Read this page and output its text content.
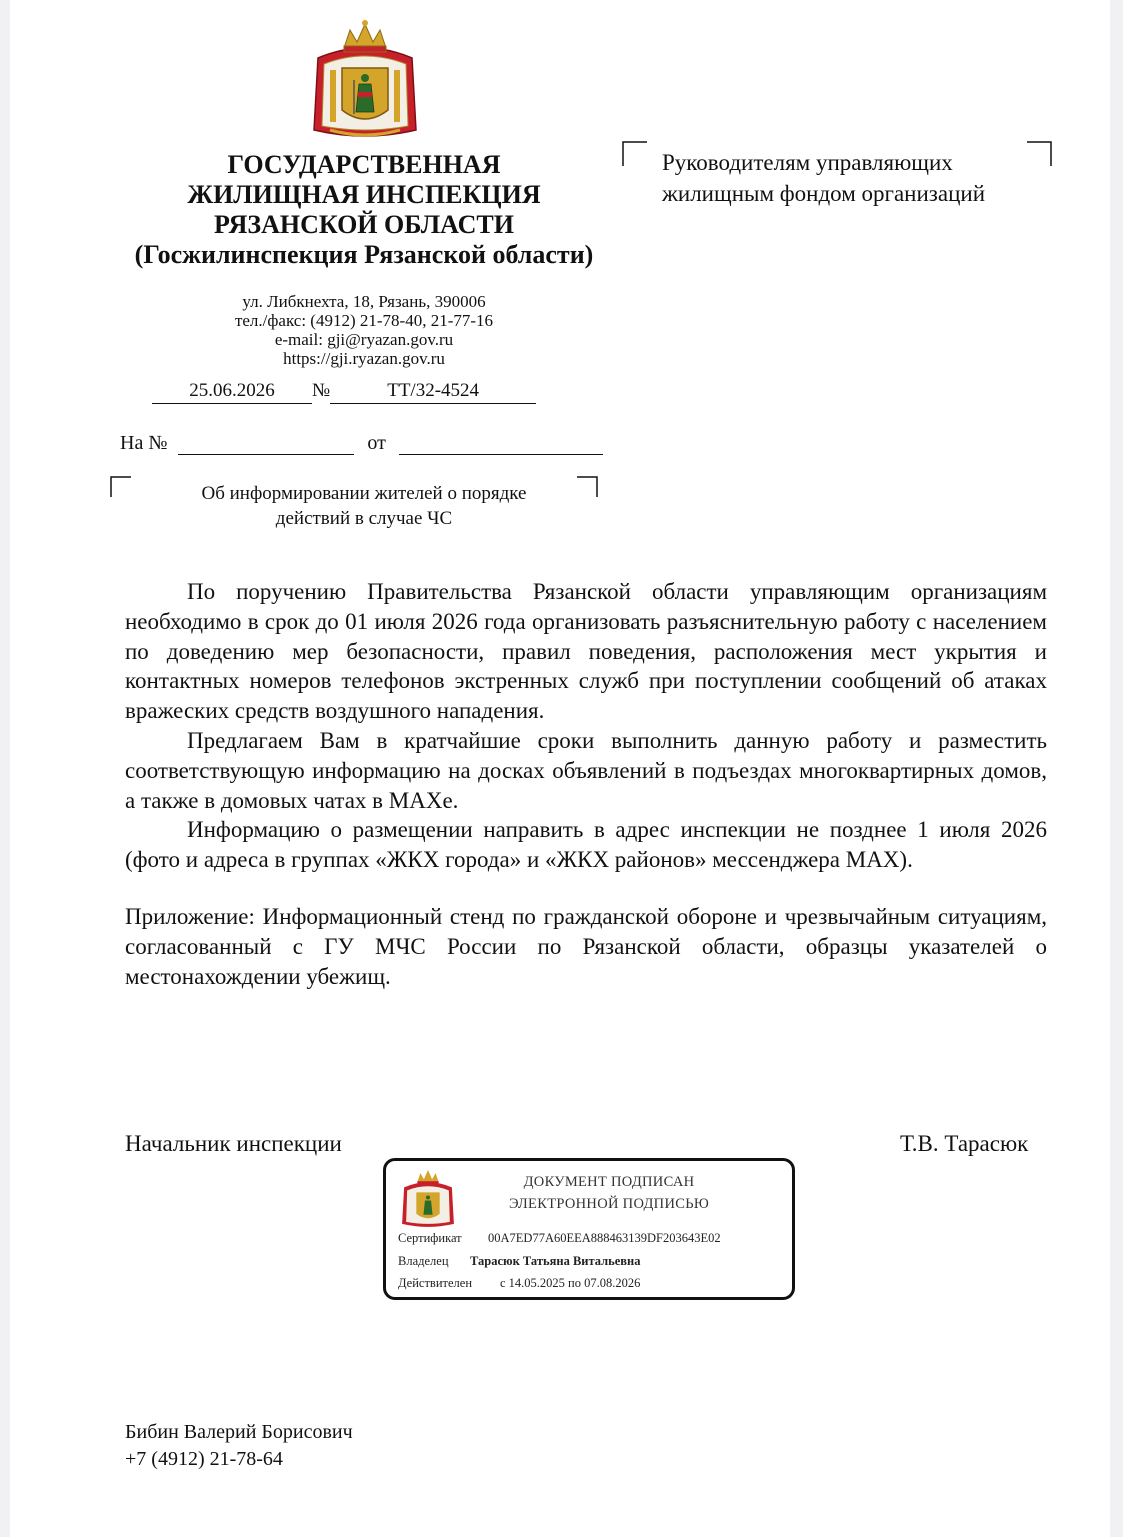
ГОСУДАРСТВЕННАЯ
ЖИЛИЩНАЯ ИНСПЕКЦИЯ
РЯЗАНСКОЙ ОБЛАСТИ
(Госжилинспекция Рязанской области)
ул. Либкнехта, 18, Рязань, 390006
тел./факс: (4912) 21-78-40, 21-77-16
e-mail: gji@ryazan.gov.ru
https://gji.ryazan.gov.ru
25.06.2026 №	ТТ/32-4524
На №	от
Об информировании жителей о порядке
действий в случае ЧС
Руководителям управляющих
жилищным фондом организаций

По поручению Правительства Рязанской области управляющим организациям необходимо в срок до 01 июля 2026 года организовать разъяснительную работу с населением по доведению мер безопасности, правил поведения, расположения мест укрытия и контактных номеров телефонов экстренных служб при поступлении сообщений об атаках вражеских средств воздушного нападения.

Предлагаем Вам в кратчайшие сроки выполнить данную работу и разместить соответствующую информацию на досках объявлений в подъездах многоквартирных домов, а также в домовых чатах в МАХе.

Информацию о размещении направить в адрес инспекции не позднее 1 июля 2026 (фото и адреса в группах «ЖКХ города» и «ЖКХ районов» мессенджера МАХ).

Приложение: Информационный стенд по гражданской обороне и чрезвычайным ситуациям, согласованный с ГУ МЧС России по Рязанской области, образцы указателей о местонахождении убежищ.

Начальник инспекции	Т.В. Тарасюк
ДОКУМЕНТ ПОДПИСАН
ЭЛЕКТРОННОЙ ПОДПИСЬЮ
Сертификат 00A7ED77A60EEA888463139DF203643E02
Владелец Тарасюк Татьяна Витальевна
Действителен с 14.05.2025 по 07.08.2026
Бибин Валерий Борисович
+7 (4912) 21-78-64
